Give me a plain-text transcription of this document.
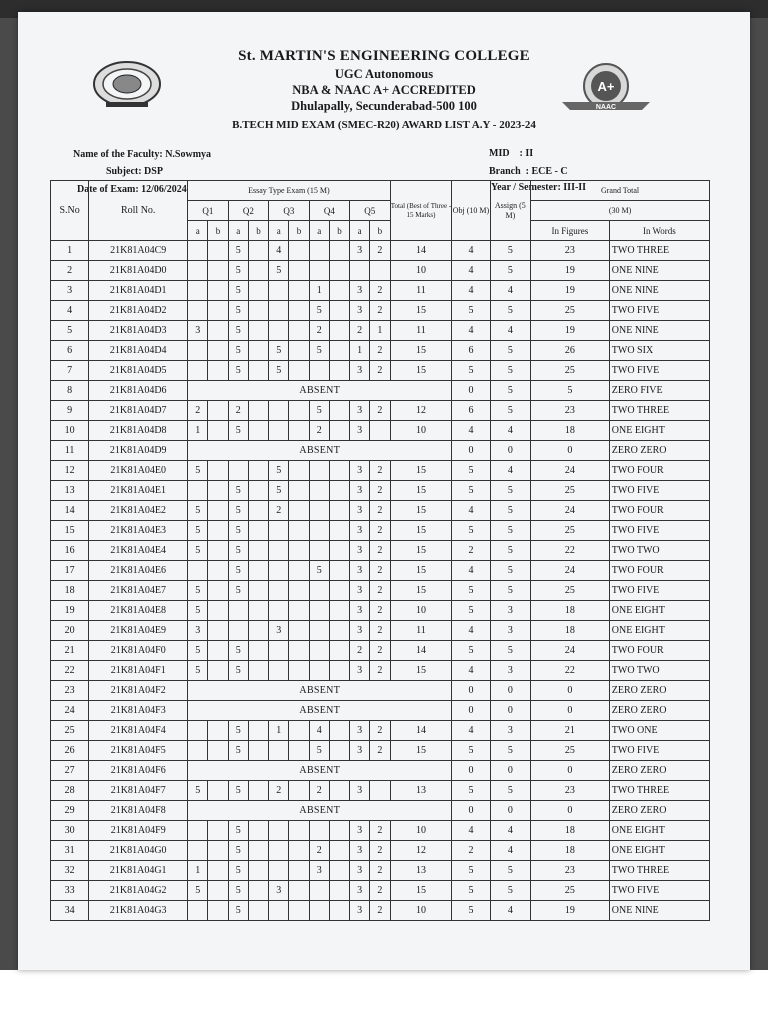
A+
NAAC
St. MARTIN'S ENGINEERING COLLEGE
UGC Autonomous
NBA & NAAC A+ ACCREDITED
Dhulapally, Secunderabad-500 100
B.TECH MID EXAM (SMEC-R20) AWARD LIST A.Y - 2023-24
Name of the Faculty: N.Sowmya
Subject: DSP
Date of Exam: 12/06/2024
MID    : II
Branch  : ECE - C
Year / Semester: III-II
S.No	Roll No.	Essay Type Exam (15 M)										Total (Best of Three - 15 Marks)	Obj (10 M)	Assign (5 M)	Grand Total	
		Q1		Q2		Q3		Q4		Q5					(30 M)	
		a	b	a	b	a	b	a	b	a	b				In Figures	In Words
1	21K81A04C9			5		4				3	2	14	4	5	23	TWO THREE
2	21K81A04D0			5		5						10	4	5	19	ONE NINE
3	21K81A04D1			5				1		3	2	11	4	4	19	ONE NINE
4	21K81A04D2			5				5		3	2	15	5	5	25	TWO FIVE
5	21K81A04D3	3		5				2		2	1	11	4	4	19	ONE NINE
6	21K81A04D4			5		5		5		1	2	15	6	5	26	TWO SIX
7	21K81A04D5			5		5				3	2	15	5	5	25	TWO FIVE
8	21K81A04D6	ABSENT											0	5	5	ZERO FIVE
9	21K81A04D7	2		2				5		3	2	12	6	5	23	TWO THREE
10	21K81A04D8	1		5				2		3		10	4	4	18	ONE EIGHT
11	21K81A04D9	ABSENT											0	0	0	ZERO ZERO
12	21K81A04E0	5				5				3	2	15	5	4	24	TWO FOUR
13	21K81A04E1			5		5				3	2	15	5	5	25	TWO FIVE
14	21K81A04E2	5		5		2				3	2	15	4	5	24	TWO FOUR
15	21K81A04E3	5		5						3	2	15	5	5	25	TWO FIVE
16	21K81A04E4	5		5						3	2	15	2	5	22	TWO TWO
17	21K81A04E6			5				5		3	2	15	4	5	24	TWO FOUR
18	21K81A04E7	5		5						3	2	15	5	5	25	TWO FIVE
19	21K81A04E8	5								3	2	10	5	3	18	ONE EIGHT
20	21K81A04E9	3				3				3	2	11	4	3	18	ONE EIGHT
21	21K81A04F0	5		5						2	2	14	5	5	24	TWO FOUR
22	21K81A04F1	5		5						3	2	15	4	3	22	TWO TWO
23	21K81A04F2	ABSENT											0	0	0	ZERO ZERO
24	21K81A04F3	ABSENT											0	0	0	ZERO ZERO
25	21K81A04F4			5		1		4		3	2	14	4	3	21	TWO ONE
26	21K81A04F5			5				5		3	2	15	5	5	25	TWO FIVE
27	21K81A04F6	ABSENT											0	0	0	ZERO ZERO
28	21K81A04F7	5		5		2		2		3		13	5	5	23	TWO THREE
29	21K81A04F8	ABSENT											0	0	0	ZERO ZERO
30	21K81A04F9			5						3	2	10	4	4	18	ONE EIGHT
31	21K81A04G0			5				2		3	2	12	2	4	18	ONE EIGHT
32	21K81A04G1	1		5				3		3	2	13	5	5	23	TWO THREE
33	21K81A04G2	5		5		3				3	2	15	5	5	25	TWO FIVE
34	21K81A04G3			5						3	2	10	5	4	19	ONE NINE
